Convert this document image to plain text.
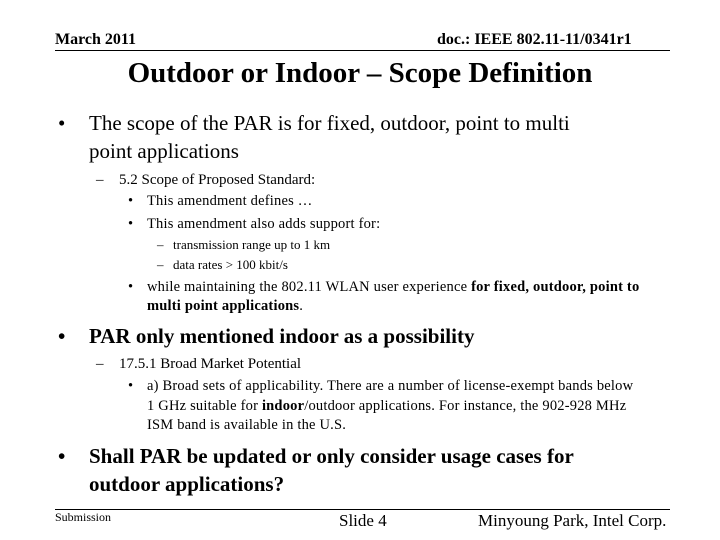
March 2011	doc.: IEEE 802.11-11/0341r1
Outdoor or Indoor – Scope Definition
• The scope of the PAR is for fixed, outdoor, point to multi
point applications
– 5.2 Scope of Proposed Standard:
• This amendment defines …
• This amendment also adds support for:
– transmission range up to 1 km
– data rates > 100 kbit/s
• while maintaining the 802.11 WLAN user experience for fixed, outdoor, point to
multi point applications.
• PAR only mentioned indoor as a possibility
– 17.5.1 Broad Market Potential
• a) Broad sets of applicability. There are a number of license-exempt bands below
1 GHz suitable for indoor/outdoor applications. For instance, the 902-928 MHz
ISM band is available in the U.S.
• Shall PAR be updated or only consider usage cases for
outdoor applications?
Submission	Slide 4	Minyoung Park, Intel Corp.
